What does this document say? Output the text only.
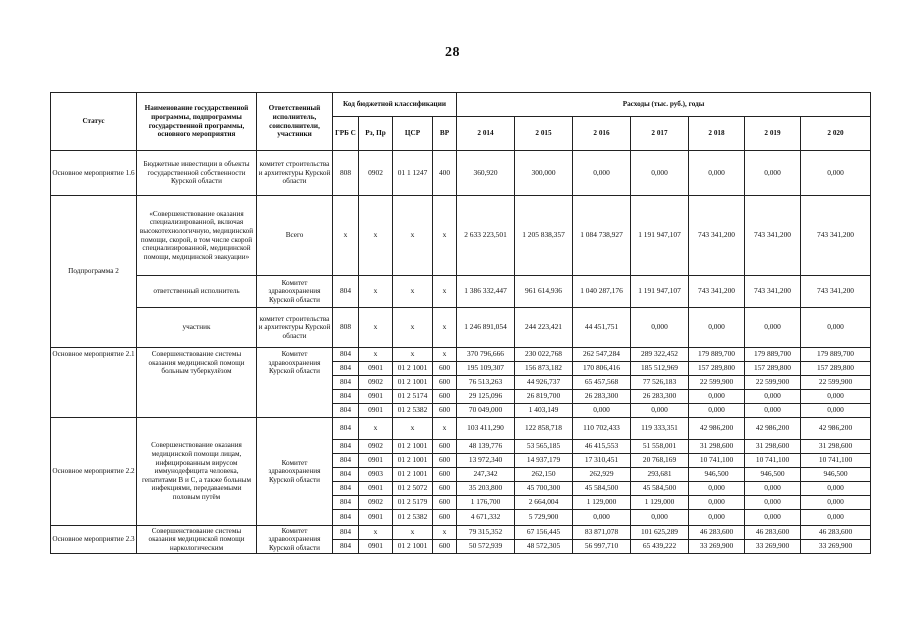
28
Статус	Наименование государственной программы, подпрограммы государственной программы, основного мероприятия	Ответственный исполнитель, соисполнители, участники	Код бюджетной классификации				Расходы (тыс. руб.), годы						
			ГРБ С	Рз, Пр	ЦСР	ВР	2 014	2 015	2 016	2 017	2 018	2 019	2 020
Основное мероприятие 1.6	Бюджетные инвестиции в объекты государственной собственности Курской области	комитет строительства и архитектуры Курской области	808	0902	01 1 1247	400	360,920	300,000	0,000	0,000	0,000	0,000	0,000
Подпрограмма 2	«Совершенствование оказания специализированной, включая высокотехнологичную, медицинской помощи, скорой, в том числе скорой специализированной, медицинской помощи, медицинской эвакуации»	Всего	х	х	х	х	2 633 223,501	1 205 838,357	1 084 738,927	1 191 947,107	743 341,200	743 341,200	743 341,200
	ответственный исполнитель	Комитет здравоохранения Курской области	804	х	х	х	1 386 332,447	961 614,936	1 040 287,176	1 191 947,107	743 341,200	743 341,200	743 341,200
	участник	комитет строительства и архитектуры Курской области	808	х	х	х	1 246 891,054	244 223,421	44 451,751	0,000	0,000	0,000	0,000
Основное мероприятие 2.1	Совершенствование системы оказания медицинской помощи больным туберкулёзом	Комитет здравоохранения Курской области	804	х	х	х	370 796,666	230 022,768	262 547,284	289 322,452	179 889,700	179 889,700	179 889,700
			804	0901	01 2 1001	600	195 109,307	156 873,182	170 806,416	185 512,969	157 289,800	157 289,800	157 289,800
			804	0902	01 2 1001	600	76 513,263	44 926,737	65 457,568	77 526,183	22 599,900	22 599,900	22 599,900
			804	0901	01 2 5174	600	29 125,096	26 819,700	26 283,300	26 283,300	0,000	0,000	0,000
			804	0901	01 2 5382	600	70 049,000	1 403,149	0,000	0,000	0,000	0,000	0,000
Основное мероприятие 2.2	Совершенствование оказания медицинской помощи лицам, инфицированным вирусом иммунодефицита человека, гепатитами В и С, а также больным инфекциями, передаваемыми половым путём	Комитет здравоохранения Курской области	804	х	х	х	103 411,290	122 858,718	110 702,433	119 333,351	42 986,200	42 986,200	42 986,200
			804	0902	01 2 1001	600	48 139,776	53 565,185	46 415,553	51 558,001	31 298,600	31 298,600	31 298,600
			804	0901	01 2 1001	600	13 972,340	14 937,179	17 310,451	20 768,169	10 741,100	10 741,100	10 741,100
			804	0903	01 2 1001	600	247,342	262,150	262,929	293,681	946,500	946,500	946,500
			804	0901	01 2 5072	600	35 203,800	45 700,300	45 584,500	45 584,500	0,000	0,000	0,000
			804	0902	01 2 5179	600	1 176,700	2 664,004	1 129,000	1 129,000	0,000	0,000	0,000
			804	0901	01 2 5382	600	4 671,332	5 729,900	0,000	0,000	0,000	0,000	0,000
Основное мероприятие 2.3	Совершенствование системы оказания медицинской помощи наркологическим	Комитет здравоохранения Курской области	804	х	х	х	79 315,352	67 156,445	83 871,078	101 625,289	46 283,600	46 283,600	46 283,600
			804	0901	01 2 1001	600	50 572,939	48 572,305	56 997,710	65 439,222	33 269,900	33 269,900	33 269,900
